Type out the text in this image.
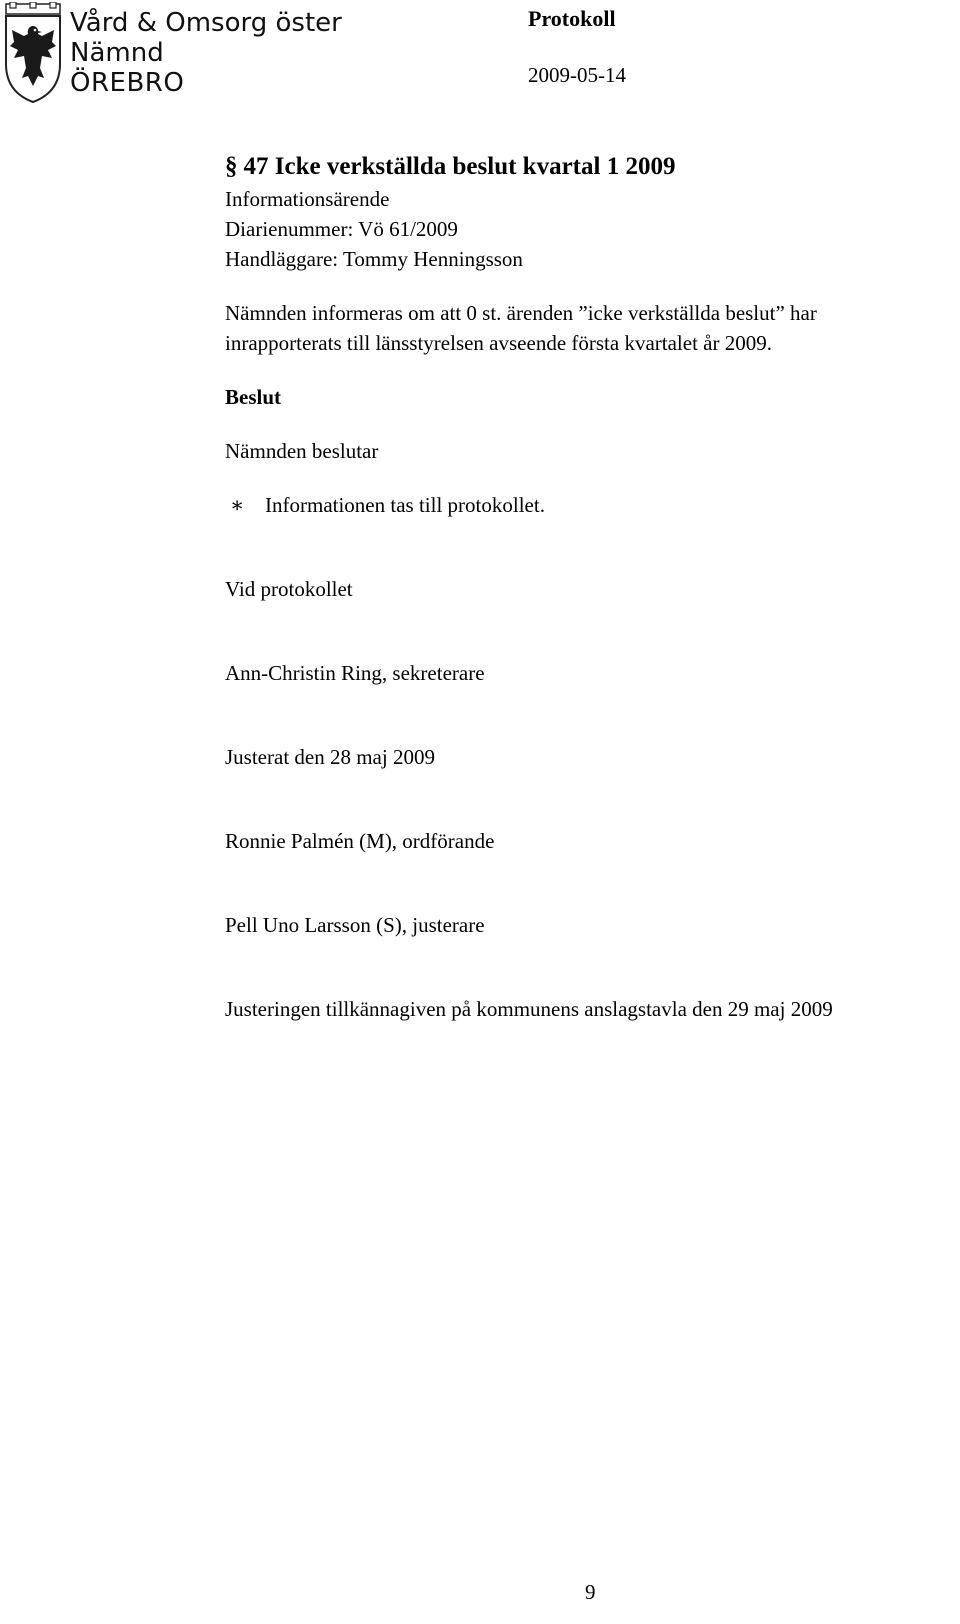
Vård & Omsorg öster
Nämnd
ÖREBRO
Protokoll
2009-05-14
§ 47 Icke verkställda beslut kvartal 1 2009
Informationsärende
Diarienummer: Vö 61/2009
Handläggare: Tommy Henningsson
Nämnden informeras om att 0 st. ärenden ”icke verkställda beslut” har
inrapporterats till länsstyrelsen avseende första kvartalet år 2009.
Beslut
Nämnden beslutar
∗ Informationen tas till protokollet.
Vid protokollet
Ann-Christin Ring, sekreterare
Justerat den 28 maj 2009
Ronnie Palmén (M), ordförande
Pell Uno Larsson (S), justerare
Justeringen tillkännagiven på kommunens anslagstavla den 29 maj 2009
9
